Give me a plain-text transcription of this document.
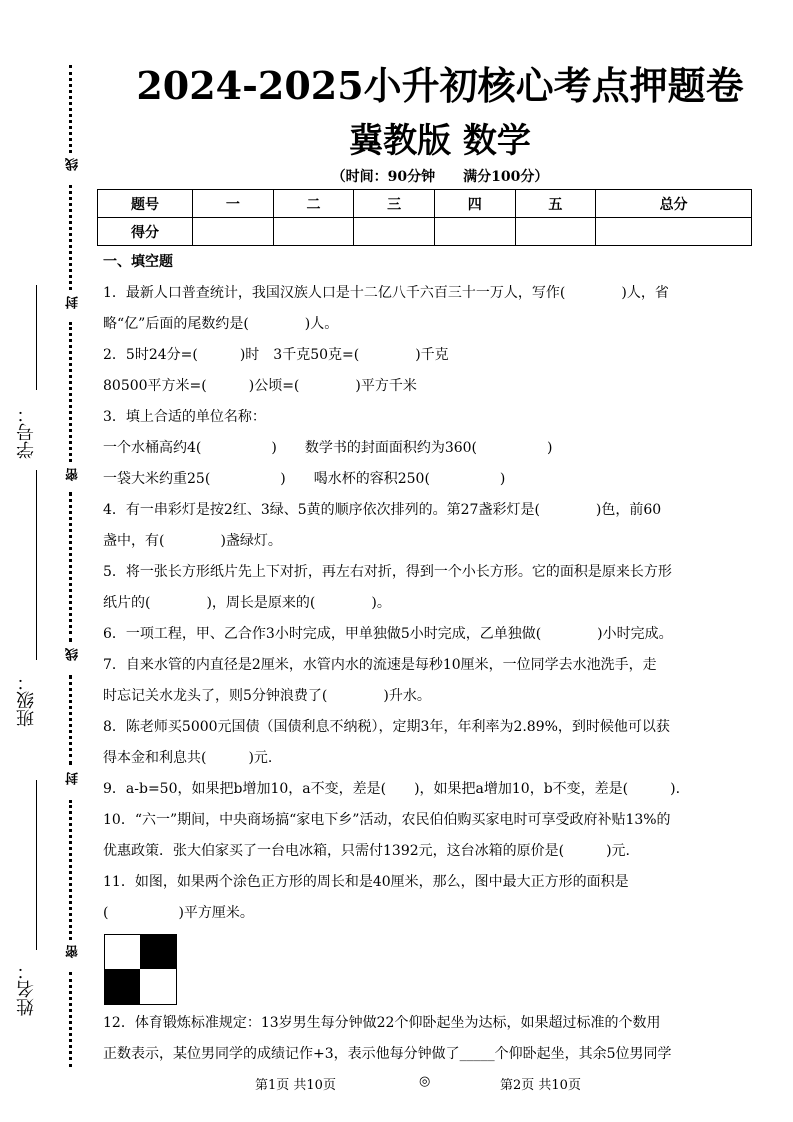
2024-2025小升初核心考点押题卷
冀教版 数学
（时间：90分钟　　满分100分）
题号	一	二	三	四	五	总分
得分						
一、填空题
1．最新人口普查统计，我国汉族人口是十二亿八千六百三十一万人，写作(　　　　)人，省
略“亿”后面的尾数约是(　　　　)人。
2．5时24分=(　　　)时　3千克50克=(　　　　)千克
80500平方米=(　　　)公顷=(　　　　)平方千米
3．填上合适的单位名称：
一个水桶高约4(　　　　　)　　数学书的封面面积约为360(　　　　　)
一袋大米约重25(　　　　　)　　喝水杯的容积250(　　　　　)
4．有一串彩灯是按2红、3绿、5黄的顺序依次排列的。第27盏彩灯是(　　　　)色，前60
盏中，有(　　　　)盏绿灯。
5．将一张长方形纸片先上下对折，再左右对折，得到一个小长方形。它的面积是原来长方形
纸片的(　　　　)，周长是原来的(　　　　)。
6．一项工程，甲、乙合作3小时完成，甲单独做5小时完成，乙单独做(　　　　)小时完成。
7．自来水管的内直径是2厘米，水管内水的流速是每秒10厘米，一位同学去水池洗手，走
时忘记关水龙头了，则5分钟浪费了(　　　　)升水。
8．陈老师买5000元国债（国债利息不纳税），定期3年，年利率为2.89%，到时候他可以获
得本金和利息共(　　　)元.
9．a-b=50，如果把b增加10，a不变，差是(　　)，如果把a增加10，b不变，差是(　　　).
10．“六一”期间，中央商场搞“家电下乡”活动，农民伯伯购买家电时可享受政府补贴13%的
优惠政策．张大伯家买了一台电冰箱，只需付1392元，这台冰箱的原价是(　　　)元.
11．如图，如果两个涂色正方形的周长和是40厘米，那么，图中最大正方形的面积是
(　　　　　)平方厘米。
12．体育锻炼标准规定：13岁男生每分钟做22个仰卧起坐为达标，如果超过标准的个数用
正数表示，某位男同学的成绩记作+3，表示他每分钟做了_____个仰卧起坐，其余5位男同学
线
封
密
线
封
密
学号：
班级：
姓名：
第1页 共10页	◎	第2页 共10页
